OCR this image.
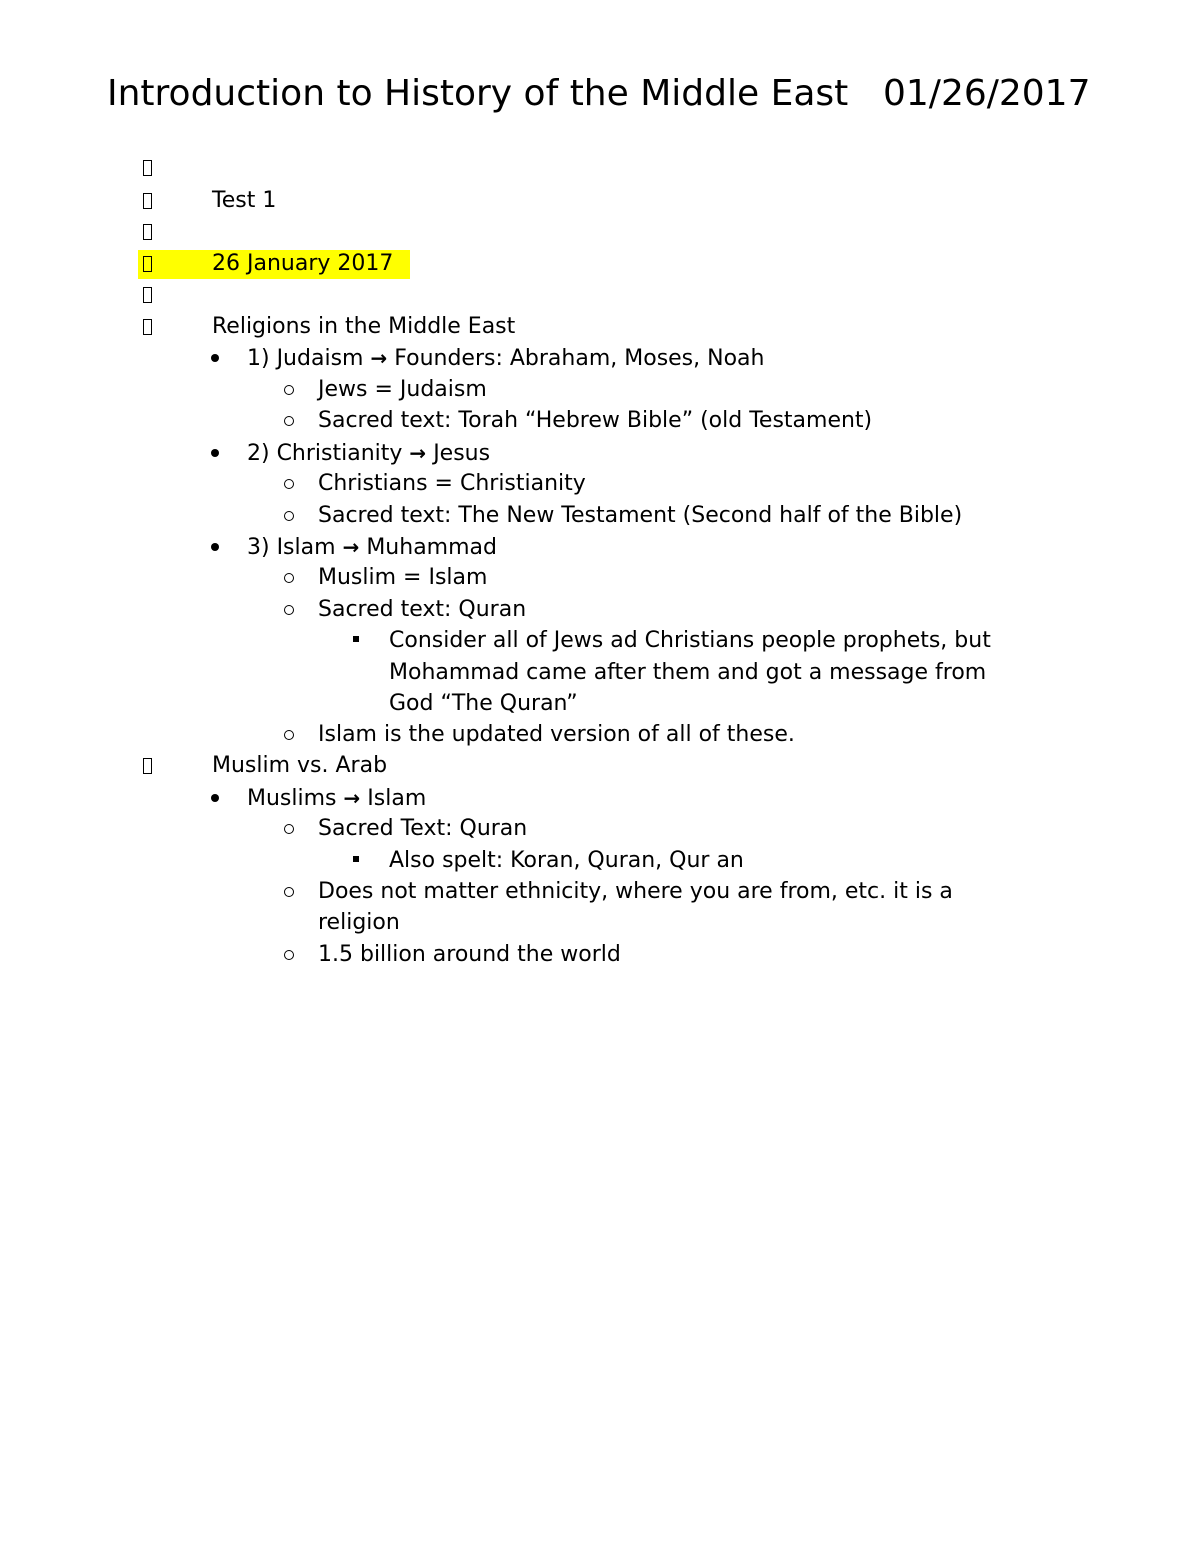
Introduction to History of the Middle East 01/26/2017
Test 1
26 January 2017
Religions in the Middle East
1) Judaism → Founders: Abraham, Moses, Noah
Jews = Judaism
Sacred text: Torah “Hebrew Bible” (old Testament)
2) Christianity → Jesus
Christians = Christianity
Sacred text: The New Testament (Second half of the Bible)
3) Islam → Muhammad
Muslim = Islam
Sacred text: Quran
Consider all of Jews ad Christians people prophets, but
Mohammad came after them and got a message from
God “The Quran”
Islam is the updated version of all of these.
Muslim vs. Arab
Muslims → Islam
Sacred Text: Quran
Also spelt: Koran, Quran, Qur an
Does not matter ethnicity, where you are from, etc. it is a
religion
1.5 billion around the world
